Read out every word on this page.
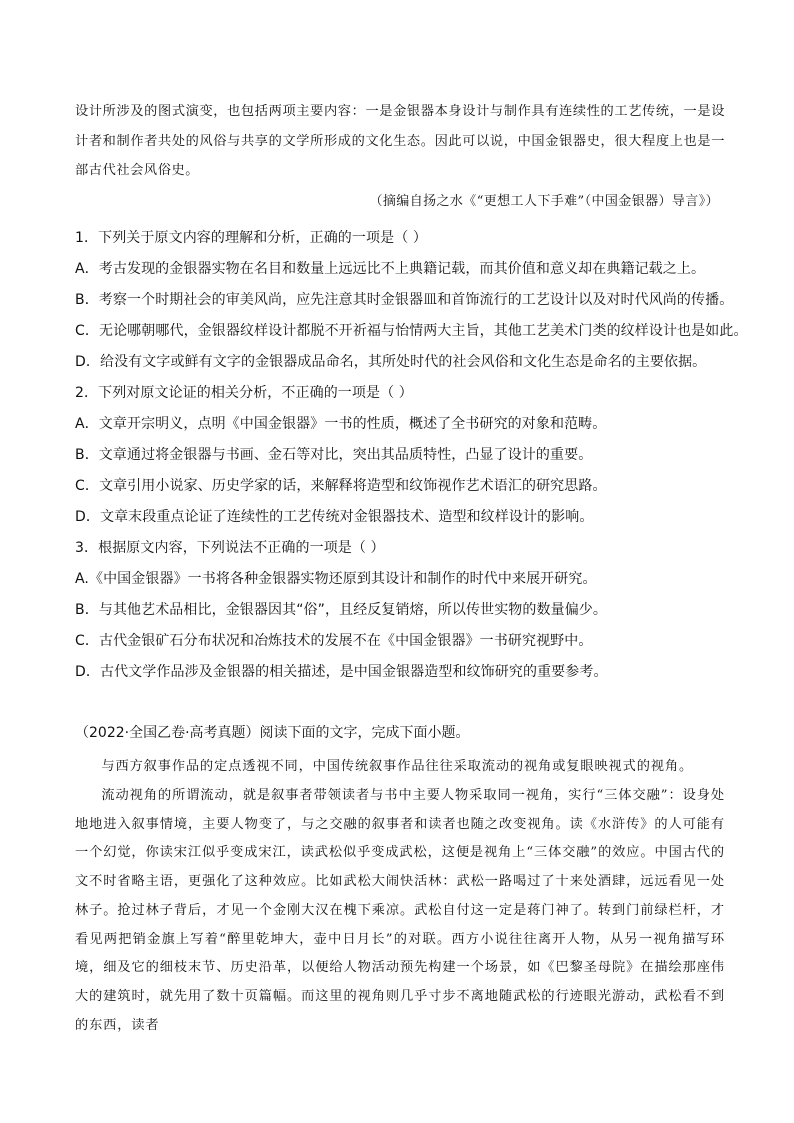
设计所涉及的图式演变，也包括两项主要内容：一是金银器本身设计与制作具有连续性的工艺传统，一是设计者和制作者共处的风俗与共享的文学所形成的文化生态。因此可以说，中国金银器史，很大程度上也是一部古代社会风俗史。

（摘编自扬之水《“更想工人下手难”（中国金银器）导言》）

1．下列关于原文内容的理解和分析，正确的一项是（ ）

A．考古发现的金银器实物在名目和数量上远远比不上典籍记载，而其价值和意义却在典籍记载之上。

B．考察一个时期社会的审美风尚，应先注意其时金银器皿和首饰流行的工艺设计以及对时代风尚的传播。

C．无论哪朝哪代，金银器纹样设计都脱不开祈福与怡情两大主旨，其他工艺美术门类的纹样设计也是如此。

D．给没有文字或鲜有文字的金银器成品命名，其所处时代的社会风俗和文化生态是命名的主要依据。

2．下列对原文论证的相关分析，不正确的一项是（ ）

A．文章开宗明义，点明《中国金银器》一书的性质，概述了全书研究的对象和范畴。

B．文章通过将金银器与书画、金石等对比，突出其品质特性，凸显了设计的重要。

C．文章引用小说家、历史学家的话，来解释将造型和纹饰视作艺术语汇的研究思路。

D．文章末段重点论证了连续性的工艺传统对金银器技术、造型和纹样设计的影响。

3．根据原文内容，下列说法不正确的一项是（ ）

A.《中国金银器》一书将各种金银器实物还原到其设计和制作的时代中来展开研究。

B．与其他艺术品相比，金银器因其“俗”，且经反复销熔，所以传世实物的数量偏少。

C．古代金银矿石分布状况和冶炼技术的发展不在《中国金银器》一书研究视野中。

D．古代文学作品涉及金银器的相关描述，是中国金银器造型和纹饰研究的重要参考。

（2022·全国乙卷·高考真题）阅读下面的文字，完成下面小题。

与西方叙事作品的定点透视不同，中国传统叙事作品往往采取流动的视角或复眼映视式的视角。

流动视角的所谓流动，就是叙事者带领读者与书中主要人物采取同一视角，实行“三体交融”：设身处地地进入叙事情境，主要人物变了，与之交融的叙事者和读者也随之改变视角。读《水浒传》的人可能有一个幻觉，你读宋江似乎变成宋江，读武松似乎变成武松，这便是视角上“三体交融”的效应。中国古代的文不时省略主语，更强化了这种效应。比如武松大闹快活林：武松一路喝过了十来处酒肆，远远看见一处林子。抢过林子背后，才见一个金刚大汉在槐下乘凉。武松自付这一定是蒋门神了。转到门前绿栏杆，才看见两把销金旗上写着“醉里乾坤大，壶中日月长”的对联。西方小说往往离开人物，从另一视角描写环境，细及它的细枝末节、历史沿革，以便给人物活动预先构建一个场景，如《巴黎圣母院》在描绘那座伟大的建筑时，就先用了数十页篇幅。而这里的视角则几乎寸步不离地随武松的行迹眼光游动，武松看不到的东西，读者
